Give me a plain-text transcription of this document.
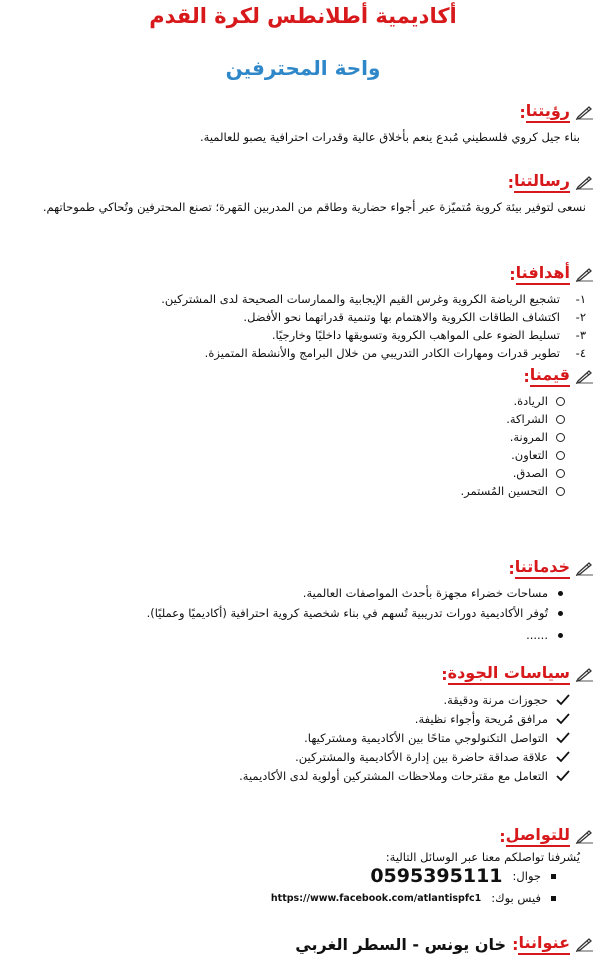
أكاديمية أطلانطس لكرة القدم
واحة المحترفين
رؤيتنا
:

بناء جيل كروي فلسطيني مُبدع ينعم بأخلاق عالية وقدرات احترافية يصبو للعالمية.

رسالتنا
:

نسعى لتوفير بيئة كروية مُتميّزة عبر أجواء حضارية وطاقم من المدربين المَهرة؛ تصنع المحترفين وتُحاكي طموحاتهم.

أهدافنا
:
١-
تشجيع الرياضة الكروية وغرس القيم الإيجابية والممارسات الصحيحة لدى المشتركين.
٢-
اكتشاف الطاقات الكروية والاهتمام بها وتنمية قدراتهما نحو الأفضل.
٣-
تسليط الضوء على المواهب الكروية وتسويقها داخليًا وخارجيًا.
٤-
تطوير قدرات ومهارات الكادر التدريبي من خلال البرامج والأنشطة المتميزة.
قيمنا
:
الريادة.
الشراكة.
المرونة.
التعاون.
الصدق.
التحسين المُستمر.
خدماتنا
:
مساحات خضراء مجهزة بأحدث المواصفات العالمية.
تُوفر الأكاديمية دورات تدريبية تُسهم في بناء شخصية كروية احترافية (أكاديميًا وعمليًا).
......
سياسات الجودة
:
حجوزات مرنة ودقيقة.
مرافق مُريحة وأجواء نظيفة.
التواصل التكنولوجي متاحًا بين الأكاديمية ومشتركيها.
علاقة صداقة حاضرة بين إدارة الأكاديمية والمشتركين.
التعامل مع مقترحات وملاحظات المشتركين أولوية لدى الأكاديمية.
للتواصل
:
يُشرفنا تواصلكم معنا عبر الوسائل التالية:
جوال:
0595395111
فيس بوك:
https://www.facebook.com/atlantispfc1
عنواننا
:
خان يونس - السطر الغربي
